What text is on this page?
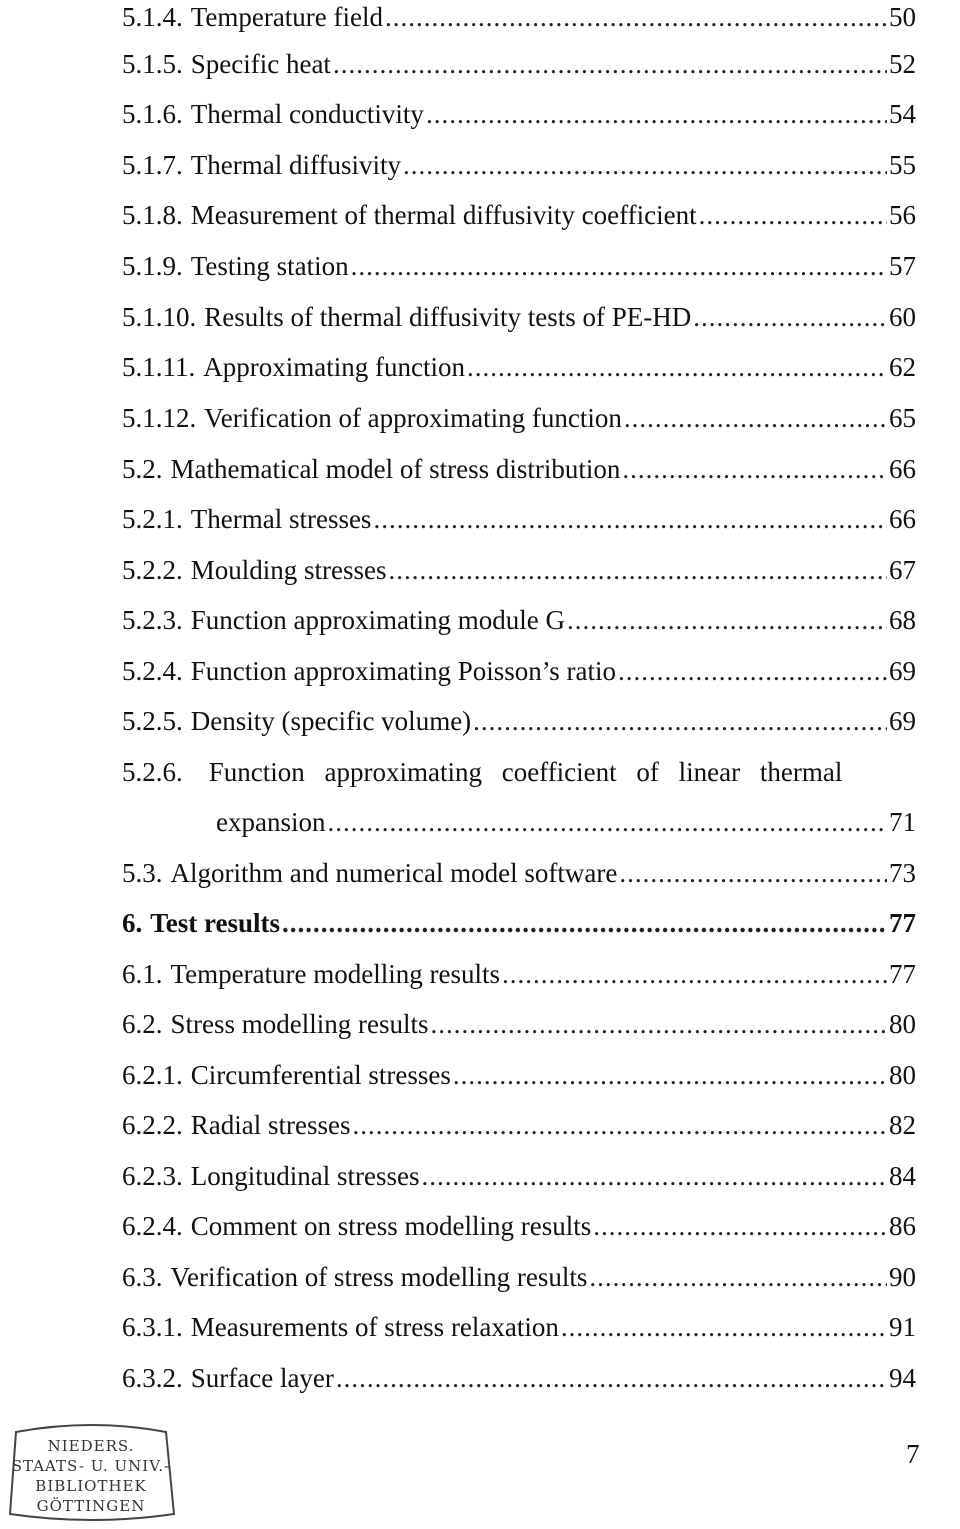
5.1.4. Temperature field .....	50
5.1.5. Specific heat .....	52
5.1.6. Thermal conductivity .....	54
5.1.7. Thermal diffusivity .....	55
5.1.8. Measurement of thermal diffusivity coefficient .....	56
5.1.9. Testing station .....	57
5.1.10. Results of thermal diffusivity tests of PE-HD .....	60
5.1.11. Approximating function .....	62
5.1.12. Verification of approximating function .....	65
5.2. Mathematical model of stress distribution .....	66
5.2.1. Thermal stresses .....	66
5.2.2. Moulding stresses .....	67
5.2.3. Function approximating module G .....	68
5.2.4. Function approximating Poisson’s ratio .....	69
5.2.5. Density (specific volume) .....	69
5.2.6. Function approximating coefficient of linear thermal
expansion .....	71
5.3. Algorithm and numerical model software .....	73
6. Test results .....	77
6.1. Temperature modelling results .....	77
6.2. Stress modelling results .....	80
6.2.1. Circumferential stresses .....	80
6.2.2. Radial stresses .....	82
6.2.3. Longitudinal stresses .....	84
6.2.4. Comment on stress modelling results .....	86
6.3. Verification of stress modelling results .....	90
6.3.1. Measurements of stress relaxation .....	91
6.3.2. Surface layer .....	94
7
NIEDERS.
STAATS- U. UNIV.-
BIBLIOTHEK
GÖTTINGEN
